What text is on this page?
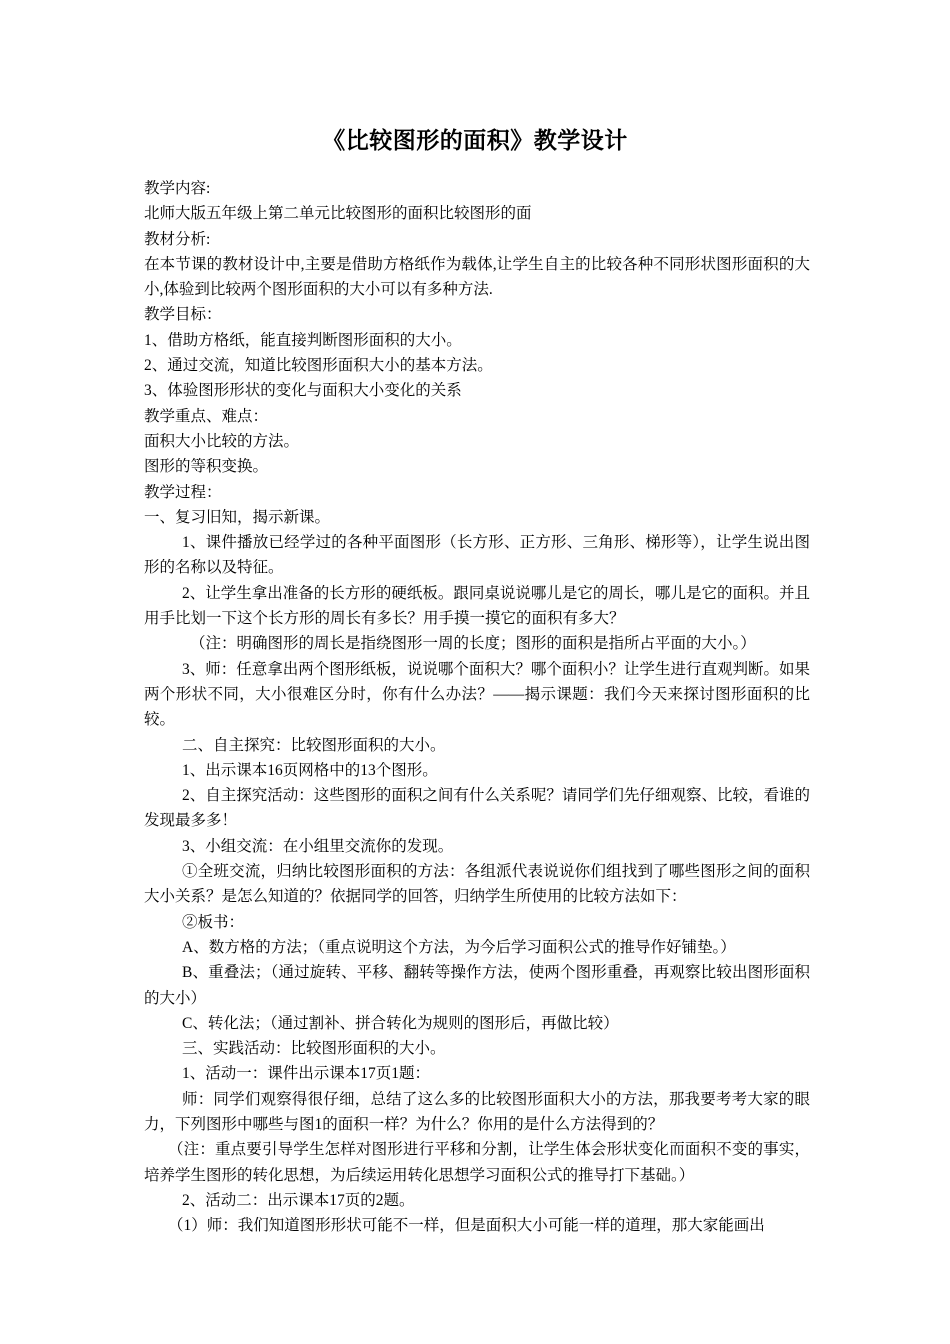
《比较图形的面积》教学设计

教学内容:

北师大版五年级上第二单元比较图形的面积比较图形的面

教材分析:

在本节课的教材设计中,主要是借助方格纸作为载体,让学生自主的比较各种不同形状图形面积的大小,体验到比较两个图形面积的大小可以有多种方法.

教学目标：

1、借助方格纸，能直接判断图形面积的大小。

2、通过交流，知道比较图形面积大小的基本方法。

3、体验图形形状的变化与面积大小变化的关系

教学重点、难点：

面积大小比较的方法。

图形的等积变换。

教学过程：

一、复习旧知，揭示新课。

1、课件播放已经学过的各种平面图形（长方形、正方形、三角形、梯形等），让学生说出图形的名称以及特征。

2、让学生拿出准备的长方形的硬纸板。跟同桌说说哪儿是它的周长，哪儿是它的面积。并且用手比划一下这个长方形的周长有多长？用手摸一摸它的面积有多大？

（注：明确图形的周长是指绕图形一周的长度；图形的面积是指所占平面的大小。）

3、师：任意拿出两个图形纸板，说说哪个面积大？哪个面积小？让学生进行直观判断。如果两个形状不同，大小很难区分时，你有什么办法？——揭示课题：我们今天来探讨图形面积的比较。

二、自主探究：比较图形面积的大小。

1、出示课本16页网格中的13个图形。

2、自主探究活动：这些图形的面积之间有什么关系呢？请同学们先仔细观察、比较，看谁的发现最多多！

3、小组交流：在小组里交流你的发现。

①全班交流，归纳比较图形面积的方法：各组派代表说说你们组找到了哪些图形之间的面积大小关系？是怎么知道的？依据同学的回答，归纳学生所使用的比较方法如下：

②板书：

A、数方格的方法；（重点说明这个方法，为今后学习面积公式的推导作好铺垫。）

B、重叠法；（通过旋转、平移、翻转等操作方法，使两个图形重叠，再观察比较出图形面积的大小）

C、转化法；（通过割补、拼合转化为规则的图形后，再做比较）

三、实践活动：比较图形面积的大小。

1、活动一：课件出示课本17页1题：

师：同学们观察得很仔细，总结了这么多的比较图形面积大小的方法，那我要考考大家的眼力，下列图形中哪些与图1的面积一样？为什么？你用的是什么方法得到的？

（注：重点要引导学生怎样对图形进行平移和分割，让学生体会形状变化而面积不变的事实，培养学生图形的转化思想，为后续运用转化思想学习面积公式的推导打下基础。）

2、活动二：出示课本17页的2题。

（1）师：我们知道图形形状可能不一样，但是面积大小可能一样的道理，那大家能画出
